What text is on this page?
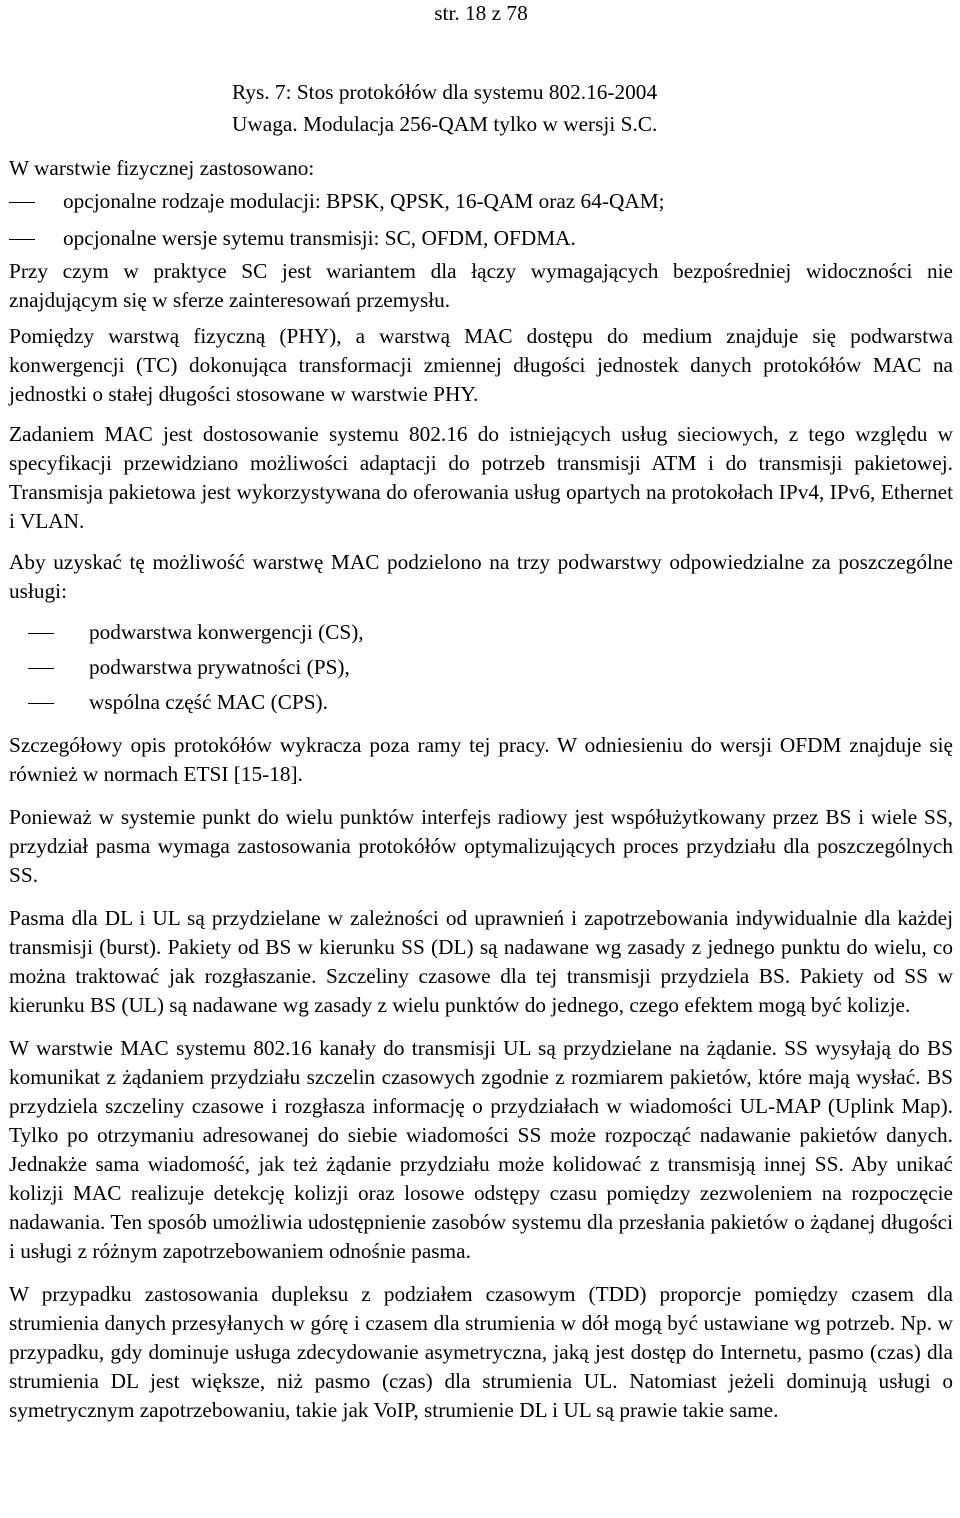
str. 18 z 78
Rys. 7: Stos protokółów dla systemu 802.16-2004
Uwaga. Modulacja 256-QAM tylko w wersji S.C.

W warstwie fizycznej zastosowano:

opcjonalne rodzaje modulacji: BPSK, QPSK, 16-QAM oraz 64-QAM;
opcjonalne wersje sytemu transmisji: SC, OFDM, OFDMA.

Przy czym w praktyce SC jest wariantem dla łączy wymagających bezpośredniej widoczności nie znajdującym się w sferze zainteresowań przemysłu.

Pomiędzy warstwą fizyczną (PHY), a warstwą MAC dostępu do medium znajduje się podwarstwa konwergencji (TC) dokonująca transformacji zmiennej długości jednostek danych protokółów MAC na jednostki o stałej długości stosowane w warstwie PHY.

Zadaniem MAC jest dostosowanie systemu 802.16 do istniejących usług sieciowych, z tego względu w specyfikacji przewidziano możliwości adaptacji do potrzeb transmisji ATM i do transmisji pakietowej. Transmisja pakietowa jest wykorzystywana do oferowania usług opartych na protokołach IPv4, IPv6, Ethernet i VLAN.

Aby uzyskać tę możliwość warstwę MAC podzielono na trzy podwarstwy odpowiedzialne za poszczególne usługi:

podwarstwa konwergencji (CS),
podwarstwa prywatności (PS),
wspólna część MAC (CPS).

Szczegółowy opis protokółów wykracza poza ramy tej pracy. W odniesieniu do wersji OFDM znajduje się również w normach ETSI [15-18].

Ponieważ w systemie punkt do wielu punktów interfejs radiowy jest współużytkowany przez BS i wiele SS, przydział pasma wymaga zastosowania protokółów optymalizujących proces przydziału dla poszczególnych SS.

Pasma dla DL i UL są przydzielane w zależności od uprawnień i zapotrzebowania indywidualnie dla każdej transmisji (burst). Pakiety od BS w kierunku SS (DL) są nadawane wg zasady z jednego punktu do wielu, co można traktować jak rozgłaszanie. Szczeliny czasowe dla tej transmisji przydziela BS. Pakiety od SS w kierunku BS (UL) są nadawane wg zasady z wielu punktów do jednego, czego efektem mogą być kolizje.

W warstwie MAC systemu 802.16 kanały do transmisji UL są przydzielane na żądanie. SS wysyłają do BS komunikat z żądaniem przydziału szczelin czasowych zgodnie z rozmiarem pakietów, które mają wysłać. BS przydziela szczeliny czasowe i rozgłasza informację o przydziałach w wiadomości UL-MAP (Uplink Map). Tylko po otrzymaniu adresowanej do siebie wiadomości SS może rozpocząć nadawanie pakietów danych. Jednakże sama wiadomość, jak też żądanie przydziału może kolidować z transmisją innej SS. Aby unikać kolizji MAC realizuje detekcję kolizji oraz losowe odstępy czasu pomiędzy zezwoleniem na rozpoczęcie nadawania. Ten sposób umożliwia udostępnienie zasobów systemu dla przesłania pakietów o żądanej długości i usługi z różnym zapotrzebowaniem odnośnie pasma.

W przypadku zastosowania dupleksu z podziałem czasowym (TDD) proporcje pomiędzy czasem dla strumienia danych przesyłanych w górę i czasem dla strumienia w dół mogą być ustawiane wg potrzeb. Np. w przypadku, gdy dominuje usługa zdecydowanie asymetryczna, jaką jest dostęp do Internetu, pasmo (czas) dla strumienia DL jest większe, niż pasmo (czas) dla strumienia UL. Natomiast jeżeli dominują usługi o symetrycznym zapotrzebowaniu, takie jak VoIP, strumienie DL i UL są prawie takie same.
